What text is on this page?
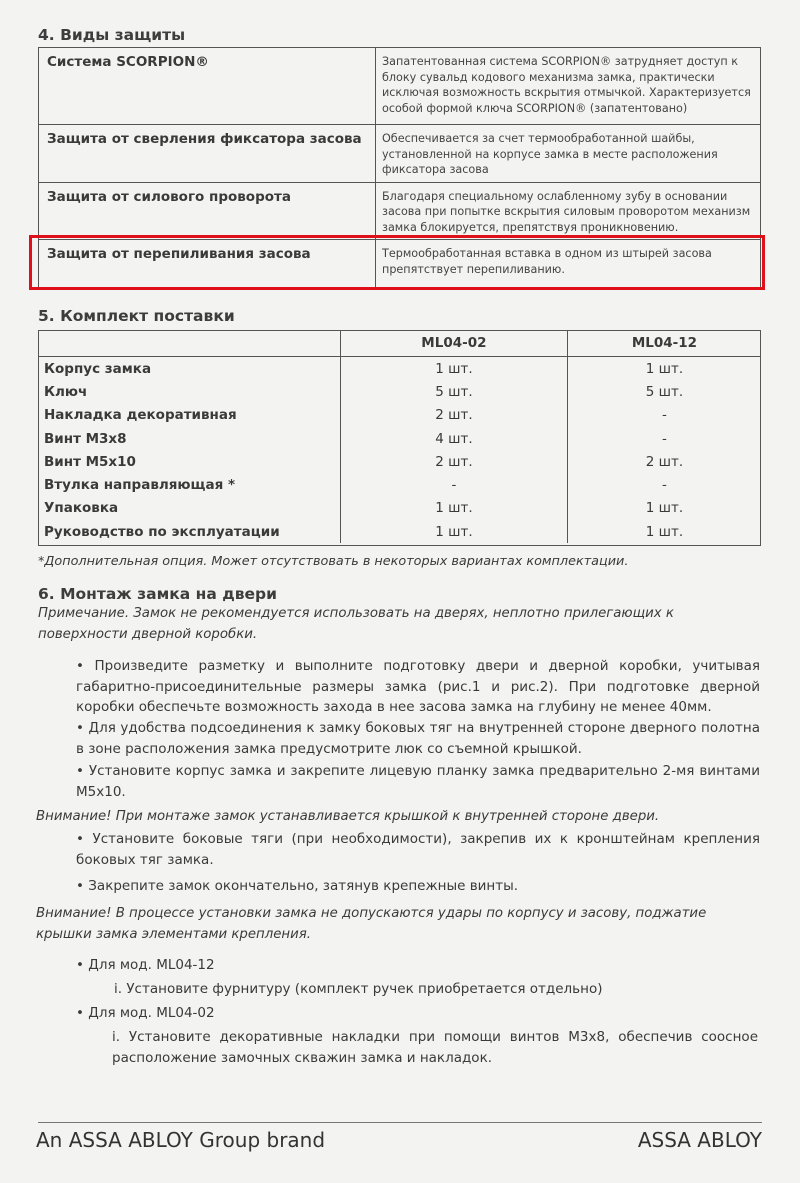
4. Виды защиты
Система SCORPION®	Запатентованная система SCORPION® затрудняет доступ к блоку сувальд кодового механизма замка, практически исключая возможность вскрытия отмычкой. Характеризуется особой формой ключа SCORPION® (запатентовано)
Защита от сверления фиксатора засова	Обеспечивается за счет термообработанной шайбы, установленной на корпусе замка в месте расположения фиксатора засова
Защита от силового проворота	Благодаря специальному ослабленному зубу в основании засова при попытке вскрытия силовым проворотом механизм замка блокируется, препятствуя проникновению.
Защита от перепиливания засова	Термообработанная вставка в одном из штырей засова препятствует перепиливанию.
5. Комплект поставки
	ML04-02	ML04-12
Корпус замка	1 шт.	1 шт.
Ключ	5 шт.	5 шт.
Накладка декоративная	2 шт.	-
Винт М3х8	4 шт.	-
Винт М5х10	2 шт.	2 шт.
Втулка направляющая *	-	-
Упаковка	1 шт.	1 шт.
Руководство по эксплуатации	1 шт.	1 шт.
*Дополнительная опция. Может отсутствовать в некоторых вариантах комплектации.
6. Монтаж замка на двери
Примечание. Замок не рекомендуется использовать на дверях, неплотно прилегающих к поверхности дверной коробки.
• Произведите разметку и выполните подготовку двери и дверной коробки, учитывая габаритно-присоединительные размеры замка (рис.1 и рис.2). При подготовке дверной коробки обеспечьте возможность захода в нее засова замка на глубину не менее 40мм.
• Для удобства подсоединения к замку боковых тяг на внутренней стороне дверного полотна в зоне расположения замка предусмотрите люк со съемной крышкой.
• Установите корпус замка и закрепите лицевую планку замка предварительно 2-мя винтами М5х10.
Внимание! При монтаже замок устанавливается крышкой к внутренней стороне двери.
• Установите боковые тяги (при необходимости), закрепив их к кронштейнам крепления боковых тяг замка.
• Закрепите замок окончательно, затянув крепежные винты.
Внимание! В процессе установки замка не допускаются удары по корпусу и засову, поджатие крышки замка элементами крепления.
• Для мод. ML04-12
i. Установите фурнитуру (комплект ручек приобретается отдельно)
• Для мод. ML04-02
i. Установите декоративные накладки при помощи винтов М3х8, обеспечив соосное расположение замочных скважин замка и накладок.
An ASSA ABLOY Group brand	ASSA ABLOY
